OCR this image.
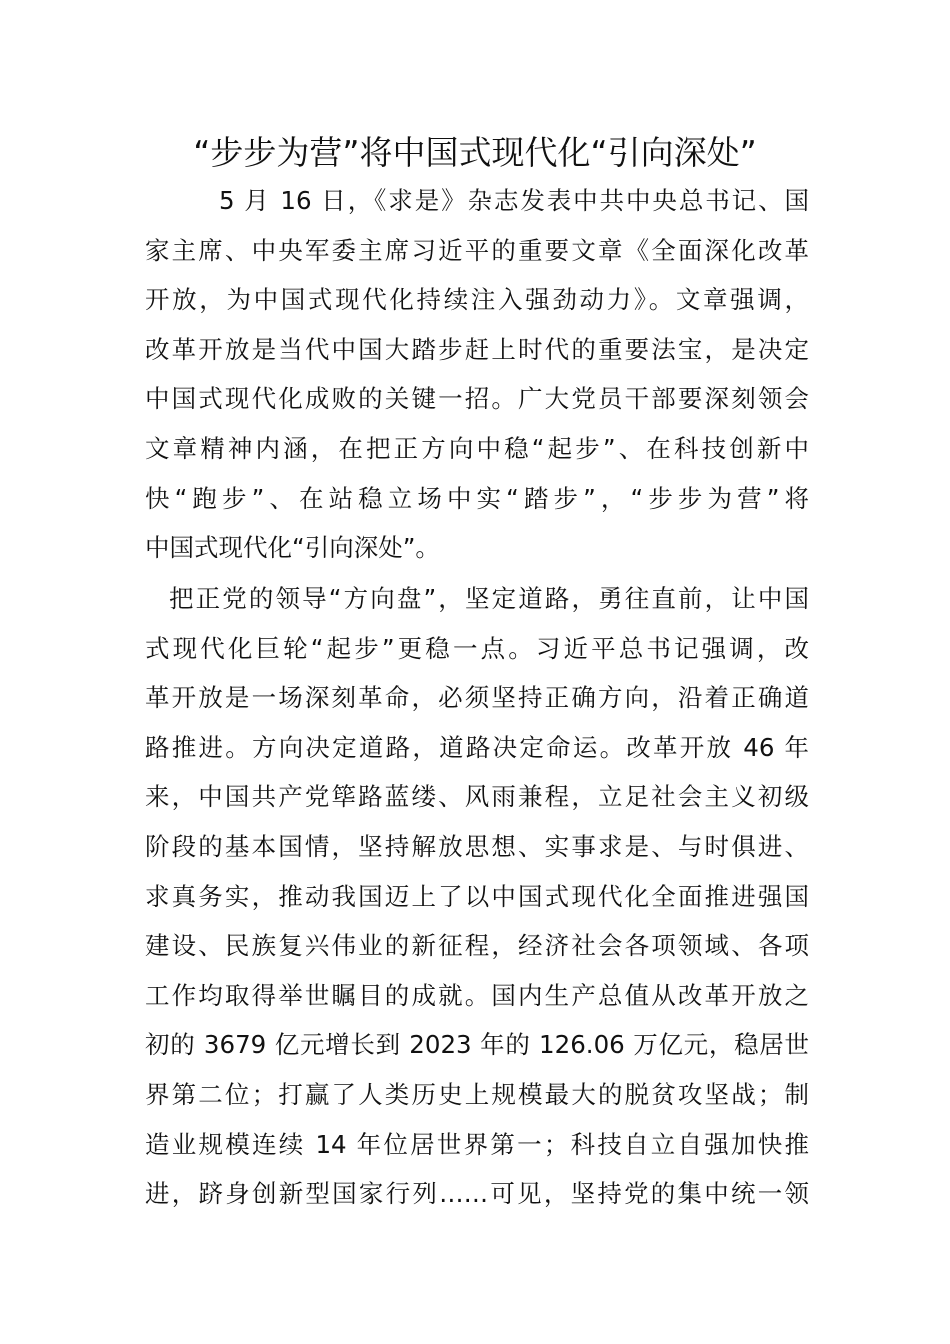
“步步为营”将中国式现代化“引向深处”
5 月 16 日，《求是》杂志发表中共中央总书记、国
家主席、中央军委主席习近平的重要文章《全面深化改革
开放，为中国式现代化持续注入强劲动力》。文章强调，
改革开放是当代中国大踏步赶上时代的重要法宝，是决定
中国式现代化成败的关键一招。广大党员干部要深刻领会
文章精神内涵，在把正方向中稳“起步”、在科技创新中
快“跑步”、在站稳立场中实“踏步”，“步步为营”将
中国式现代化“引向深处”。
把正党的领导“方向盘”，坚定道路，勇往直前，让中国
式现代化巨轮“起步”更稳一点。习近平总书记强调，改
革开放是一场深刻革命，必须坚持正确方向，沿着正确道
路推进。方向决定道路，道路决定命运。改革开放 46 年
来，中国共产党筚路蓝缕、风雨兼程，立足社会主义初级
阶段的基本国情，坚持解放思想、实事求是、与时俱进、
求真务实，推动我国迈上了以中国式现代化全面推进强国
建设、民族复兴伟业的新征程，经济社会各项领域、各项
工作均取得举世瞩目的成就。国内生产总值从改革开放之
初的 3679 亿元增长到 2023 年的 126.06 万亿元，稳居世
界第二位；打赢了人类历史上规模最大的脱贫攻坚战；制
造业规模连续 14 年位居世界第一；科技自立自强加快推
进，跻身创新型国家行列……可见，坚持党的集中统一领
